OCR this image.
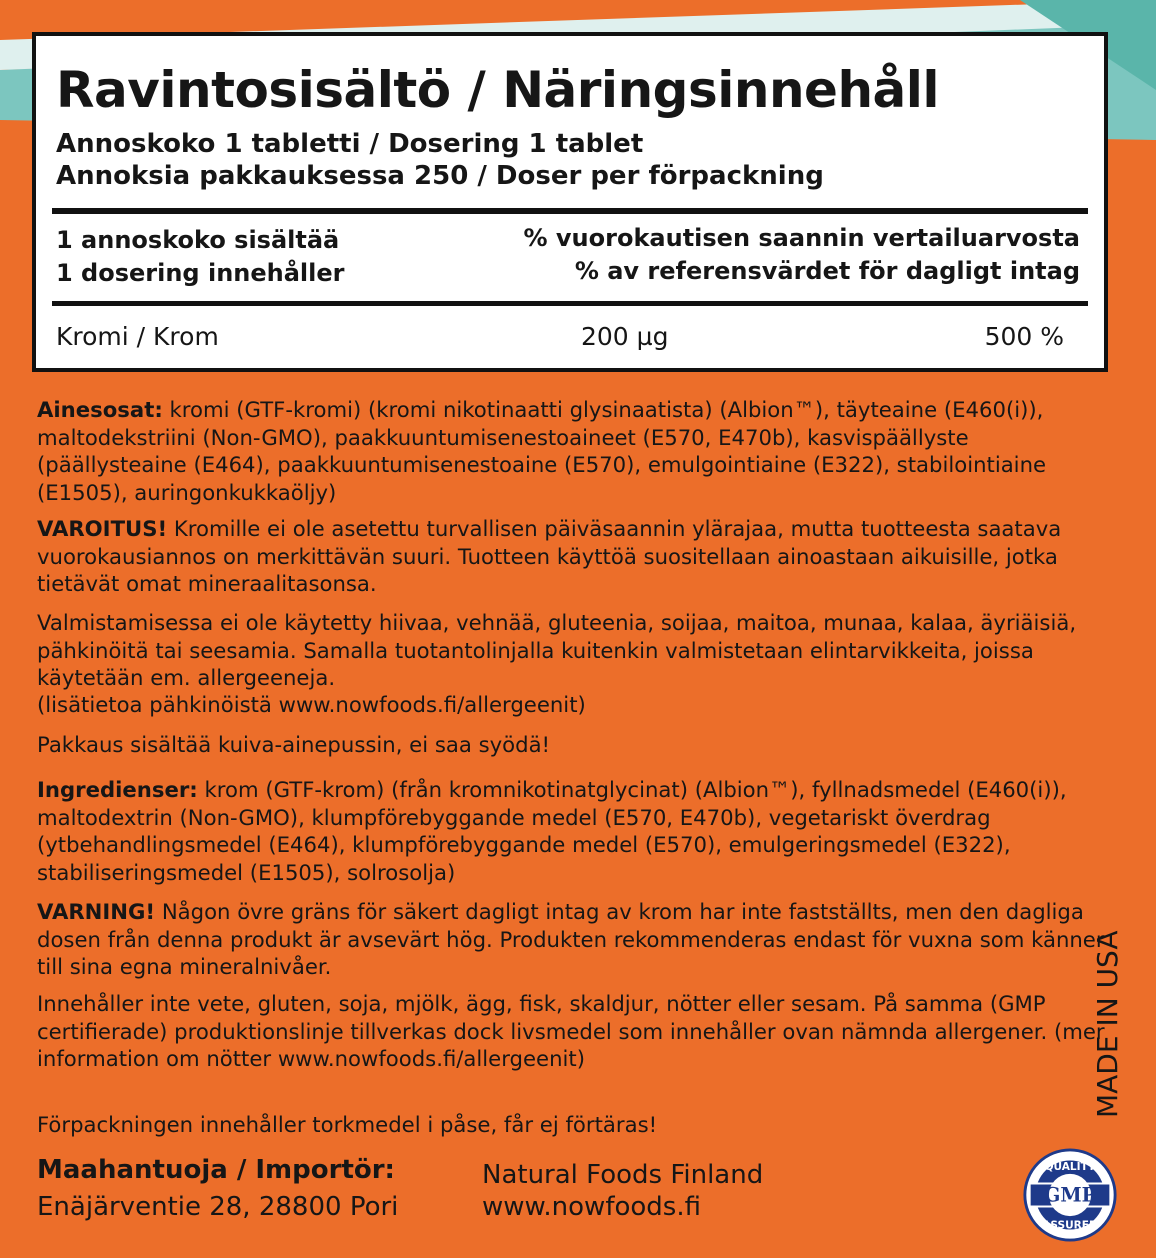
Ravintosisältö / Näringsinnehåll
Annoskoko 1 tabletti / Dosering 1 tablet
Annoksia pakkauksessa 250 / Doser per förpackning
1 annoskoko sisältää
1 dosering innehåller
% vuorokautisen saannin vertailuarvosta
% av referensvärdet för dagligt intag
Kromi / Krom	200 µg	500 %

Ainesosat: kromi (GTF-kromi) (kromi nikotinaatti glysinaatista) (Albion™), täyteaine (E460(i)), maltodekstriini (Non-GMO), paakkuuntumisenestoaineet (E570, E470b), kasvispäällyste (päällysteaine (E464), paakkuuntumisenestoaine (E570), emulgointiaine (E322), stabilointiaine (E1505), auringonkukkaöljy)

VAROITUS! Kromille ei ole asetettu turvallisen päiväsaannin ylärajaa, mutta tuotteesta saatava vuorokausiannos on merkittävän suuri. Tuotteen käyttöä suositellaan ainoastaan aikuisille, jotka tietävät omat mineraalitasonsa.

Valmistamisessa ei ole käytetty hiivaa, vehnää, gluteenia, soijaa, maitoa, munaa, kalaa, äyriäisiä, pähkinöitä tai seesamia. Samalla tuotantolinjalla kuitenkin valmistetaan elintarvikkeita, joissa käytetään em. allergeeneja.

(lisätietoa pähkinöistä www.nowfoods.fi/allergeenit)

Pakkaus sisältää kuiva-ainepussin, ei saa syödä!

Ingredienser: krom (GTF-krom) (från kromnikotinatglycinat) (Albion™), fyllnadsmedel (E460(i)), maltodextrin (Non-GMO), klumpförebyggande medel (E570, E470b), vegetariskt överdrag (ytbehandlingsmedel (E464), klumpförebyggande medel (E570), emulgeringsmedel (E322), stabiliseringsmedel (E1505), solrosolja)

VARNING! Någon övre gräns för säkert dagligt intag av krom har inte fastställts, men den dagliga dosen från denna produkt är avsevärt hög. Produkten rekommenderas endast för vuxna som känner till sina egna mineralnivåer.

Innehåller inte vete, gluten, soja, mjölk, ägg, fisk, skaldjur, nötter eller sesam. På samma (GMP certifierade) produktionslinje tillverkas dock livsmedel som innehåller ovan nämnda allergener. (mer information om nötter www.nowfoods.fi/allergeenit)

Förpackningen innehåller torkmedel i påse, får ej förtäras!

Maahantuoja / Importör:
Enäjärventie 28, 28800 Pori
Natural Foods Finland
www.nowfoods.fi
MADE IN USA
GMP
QUALITY
ASSURED
